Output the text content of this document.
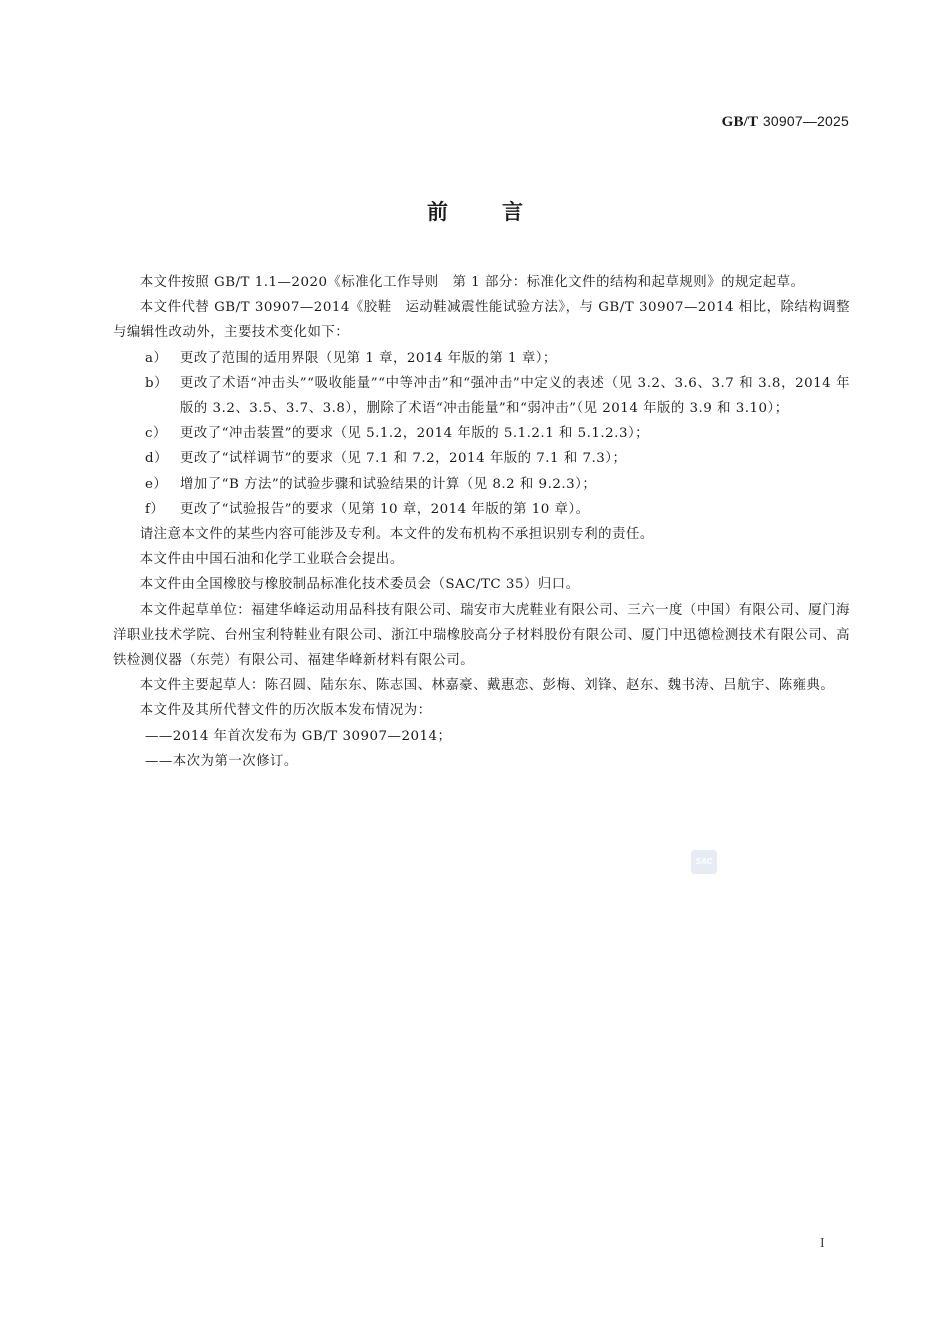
GB/T 30907—2025
前	言

本文件按照 GB/T 1.1—2020《标准化工作导则　第 1 部分：标准化文件的结构和起草规则》的规定起草。

本文件代替 GB/T 30907—2014《胶鞋　运动鞋减震性能试验方法》，与 GB/T 30907—2014 相比，除结构调整与编辑性改动外，主要技术变化如下：

a） 更改了范围的适用界限（见第 1 章，2014 年版的第 1 章）；
b） 更改了术语“冲击头”“吸收能量”“中等冲击”和“强冲击”中定义的表述（见 3.2、3.6、3.7 和 3.8，2014 年版的 3.2、3.5、3.7、3.8），删除了术语“冲击能量”和“弱冲击”（见 2014 年版的 3.9 和 3.10）；
c） 更改了“冲击装置”的要求（见 5.1.2，2014 年版的 5.1.2.1 和 5.1.2.3）；
d） 更改了“试样调节”的要求（见 7.1 和 7.2，2014 年版的 7.1 和 7.3）；
e） 增加了“B 方法”的试验步骤和试验结果的计算（见 8.2 和 9.2.3）；
f）	更改了“试验报告”的要求（见第 10 章，2014 年版的第 10 章）。

请注意本文件的某些内容可能涉及专利。本文件的发布机构不承担识别专利的责任。

本文件由中国石油和化学工业联合会提出。

本文件由全国橡胶与橡胶制品标准化技术委员会（SAC/TC 35）归口。

本文件起草单位：福建华峰运动用品科技有限公司、瑞安市大虎鞋业有限公司、三六一度（中国）有限公司、厦门海洋职业技术学院、台州宝利特鞋业有限公司、浙江中瑞橡胶高分子材料股份有限公司、厦门中迅德检测技术有限公司、高铁检测仪器（东莞）有限公司、福建华峰新材料有限公司。

本文件主要起草人：陈召圆、陆东东、陈志国、林嘉豪、戴惠恋、彭梅、刘锋、赵东、魏书涛、吕航宇、陈雍典。

本文件及其所代替文件的历次版本发布情况为：

——2014 年首次发布为 GB/T 30907—2014；

——本次为第一次修订。

SAC
I
